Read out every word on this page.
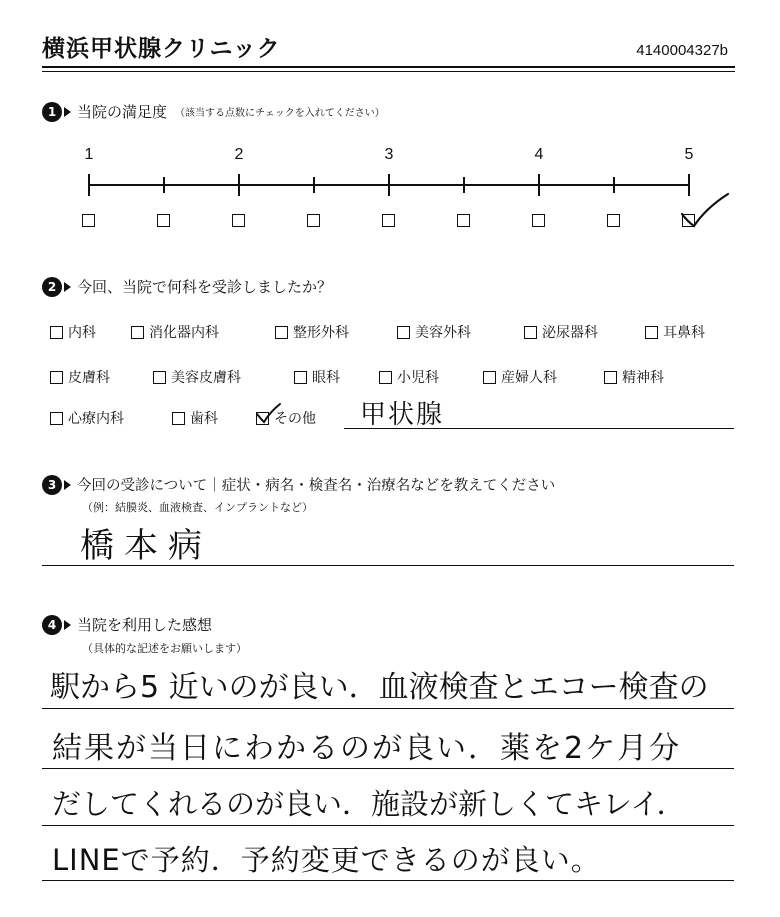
横浜甲状腺クリニック	4140004327b
1	当院の満足度 （該当する点数にチェックを入れてください）
1	2	3	4	5
2	今回、当院で何科を受診しましたか？
内科	消化器内科	整形外科	美容外科	泌尿器科	耳鼻科
皮膚科	美容皮膚科	眼科	小児科	産婦人科	精神科
心療内科	歯科	その他 甲状腺
3	今回の受診について｜症状・病名・検査名・治療名などを教えてください
（例：結膜炎、血液検査、インプラントなど）
橋本病
4	当院を利用した感想
（具体的な記述をお願いします）
駅から5 近いのが良い．血液検査とエコー検査の
結果が当日にわかるのが良い．薬を2ケ月分
だしてくれるのが良い．施設が新しくてキレイ．
LINEで予約．予約変更できるのが良い。
